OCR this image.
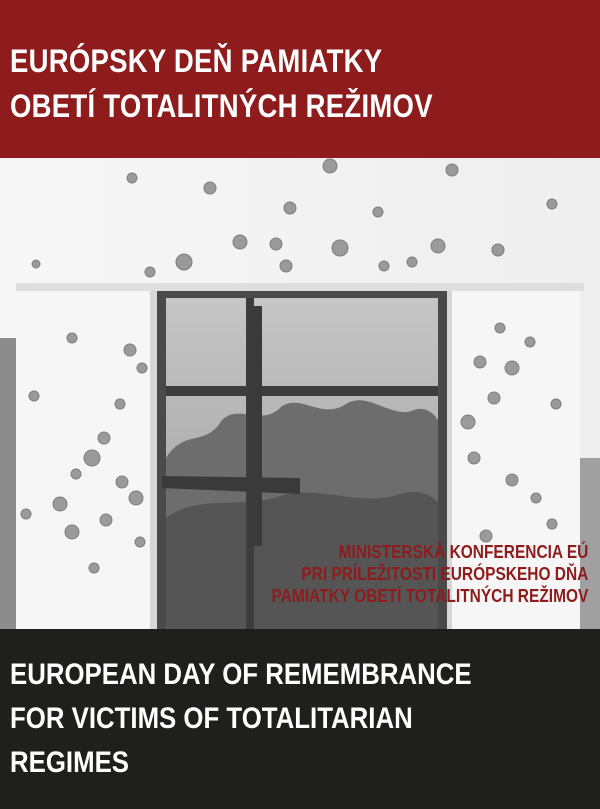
EURÓPSKY DEŇ PAMIATKY
OBETÍ TOTALITNÝCH REŽIMOV
MINISTERSKÁ KONFERENCIA EÚ
PRI PRÍLEŽITOSTI EURÓPSKEHO DŇA
PAMIATKY OBETÍ TOTALITNÝCH REŽIMOV
EUROPEAN DAY OF REMEMBRANCE
FOR VICTIMS OF TOTALITARIAN
REGIMES
